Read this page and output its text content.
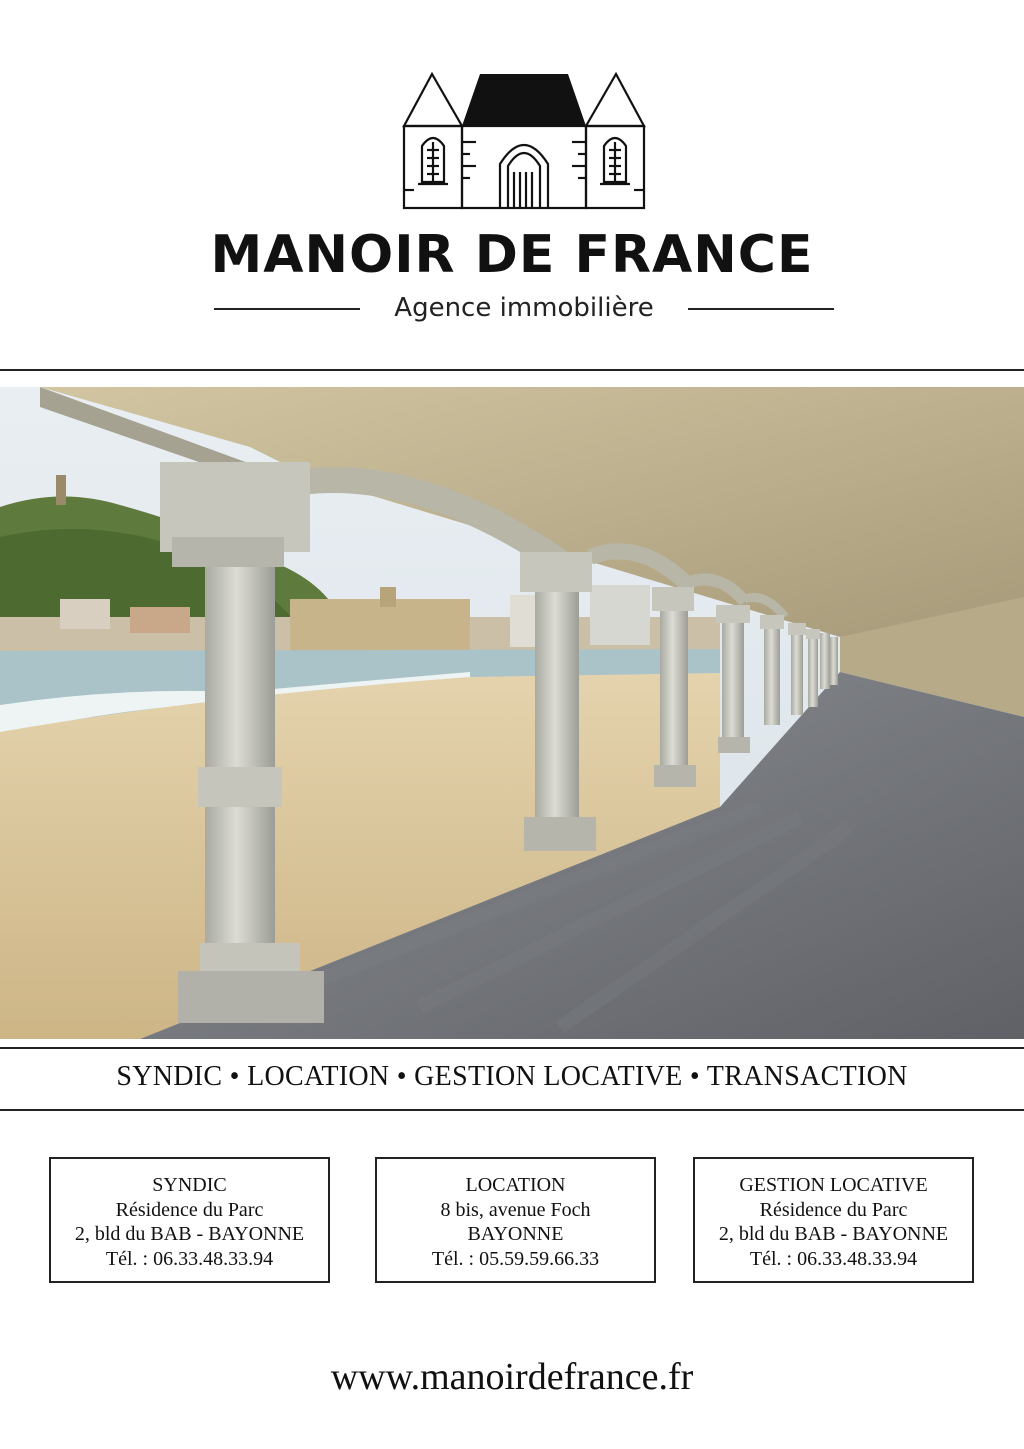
MANOIR DE FRANCE
Agence immobilière
SYNDIC • LOCATION • GESTION LOCATIVE • TRANSACTION
SYNDIC
Résidence du Parc
2, bld du BAB - BAYONNE
Tél. : 06.33.48.33.94
LOCATION
8 bis, avenue Foch
BAYONNE
Tél. : 05.59.59.66.33
GESTION LOCATIVE
Résidence du Parc
2, bld du BAB - BAYONNE
Tél. : 06.33.48.33.94
www.manoirdefrance.fr
